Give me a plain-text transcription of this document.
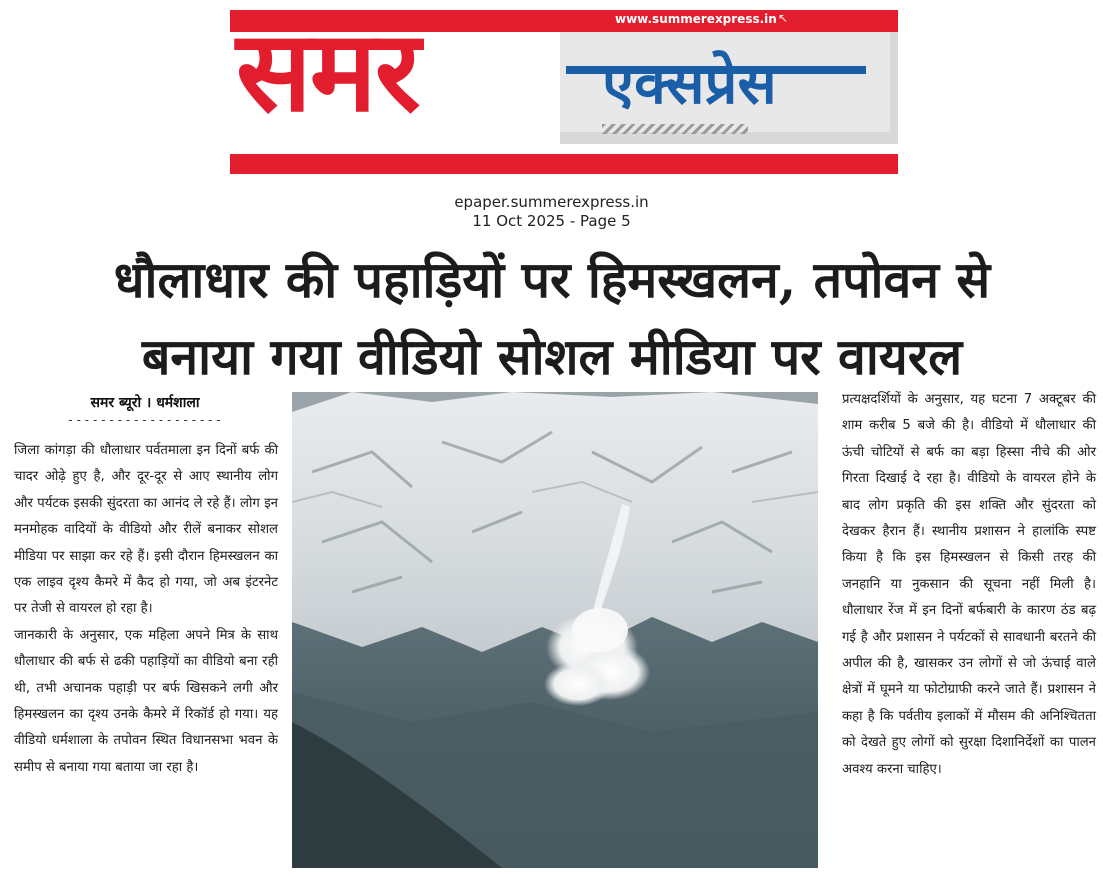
www.summerexpress.in ↖
समर	एक्सप्रेस
epaper.summerexpress.in
11 Oct 2025 - Page 5
धौलाधार की पहाड़ियों पर हिमस्खलन, तपोवन से
बनाया गया वीडियो सोशल मीडिया पर वायरल
समर ब्यूरो । धर्मशाला
-------------------

जिला कांगड़ा की धौलाधार पर्वतमाला इन दिनों बर्फ की चादर ओढ़े हुए है, और दूर-दूर से आए स्थानीय लोग और पर्यटक इसकी सुंदरता का आनंद ले रहे हैं। लोग इन मनमोहक वादियों के वीडियो और रीलें बनाकर सोशल मीडिया पर साझा कर रहे हैं। इसी दौरान हिमस्खलन का एक लाइव दृश्य कैमरे में कैद हो गया, जो अब इंटरनेट पर तेजी से वायरल हो रहा है।

जानकारी के अनुसार, एक महिला अपने मित्र के साथ धौलाधार की बर्फ से ढकी पहाड़ियों का वीडियो बना रही थी, तभी अचानक पहाड़ी पर बर्फ खिसकने लगी और हिमस्खलन का दृश्य उनके कैमरे में रिकॉर्ड हो गया। यह वीडियो धर्मशाला के तपोवन स्थित विधानसभा भवन के समीप से बनाया गया बताया जा रहा है।

प्रत्यक्षदर्शियों के अनुसार, यह घटना 7 अक्टूबर की शाम करीब 5 बजे की है। वीडियो में धौलाधार की ऊंची चोटियों से बर्फ का बड़ा हिस्सा नीचे की ओर गिरता दिखाई दे रहा है। वीडियो के वायरल होने के बाद लोग प्रकृति की इस शक्ति और सुंदरता को देखकर हैरान हैं। स्थानीय प्रशासन ने हालांकि स्पष्ट किया है कि इस हिमस्खलन से किसी तरह की जनहानि या नुकसान की सूचना नहीं मिली है। धौलाधार रेंज में इन दिनों बर्फबारी के कारण ठंड बढ़ गई है और प्रशासन ने पर्यटकों से सावधानी बरतने की अपील की है, खासकर उन लोगों से जो ऊंचाई वाले क्षेत्रों में घूमने या फोटोग्राफी करने जाते हैं। प्रशासन ने कहा है कि पर्वतीय इलाकों में मौसम की अनिश्चितता को देखते हुए लोगों को सुरक्षा दिशानिर्देशों का पालन अवश्य करना चाहिए।
